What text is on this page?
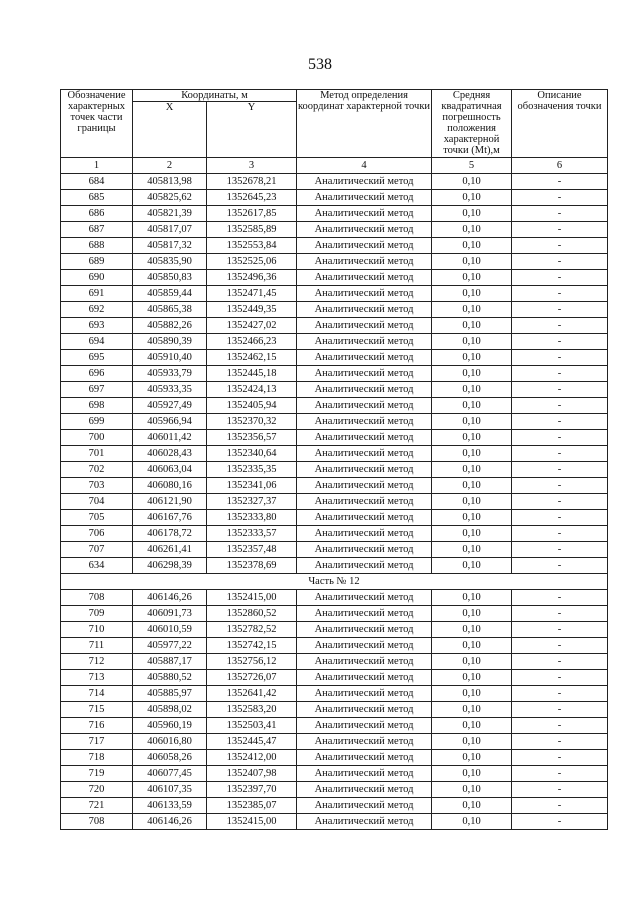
538
Обозначение характерных точек части границы	Координаты, м		Метод определения координат характерной точки	Средняя квадратичная погрешность положения характерной точки (Mt),м	Описание обозначения точки
	X	Y			
1	2	3	4	5	6
684	405813,98	1352678,21	Аналитический метод	0,10	-
685	405825,62	1352645,23	Аналитический метод	0,10	-
686	405821,39	1352617,85	Аналитический метод	0,10	-
687	405817,07	1352585,89	Аналитический метод	0,10	-
688	405817,32	1352553,84	Аналитический метод	0,10	-
689	405835,90	1352525,06	Аналитический метод	0,10	-
690	405850,83	1352496,36	Аналитический метод	0,10	-
691	405859,44	1352471,45	Аналитический метод	0,10	-
692	405865,38	1352449,35	Аналитический метод	0,10	-
693	405882,26	1352427,02	Аналитический метод	0,10	-
694	405890,39	1352466,23	Аналитический метод	0,10	-
695	405910,40	1352462,15	Аналитический метод	0,10	-
696	405933,79	1352445,18	Аналитический метод	0,10	-
697	405933,35	1352424,13	Аналитический метод	0,10	-
698	405927,49	1352405,94	Аналитический метод	0,10	-
699	405966,94	1352370,32	Аналитический метод	0,10	-
700	406011,42	1352356,57	Аналитический метод	0,10	-
701	406028,43	1352340,64	Аналитический метод	0,10	-
702	406063,04	1352335,35	Аналитический метод	0,10	-
703	406080,16	1352341,06	Аналитический метод	0,10	-
704	406121,90	1352327,37	Аналитический метод	0,10	-
705	406167,76	1352333,80	Аналитический метод	0,10	-
706	406178,72	1352333,57	Аналитический метод	0,10	-
707	406261,41	1352357,48	Аналитический метод	0,10	-
634	406298,39	1352378,69	Аналитический метод	0,10	-
Часть № 12					
708	406146,26	1352415,00	Аналитический метод	0,10	-
709	406091,73	1352860,52	Аналитический метод	0,10	-
710	406010,59	1352782,52	Аналитический метод	0,10	-
711	405977,22	1352742,15	Аналитический метод	0,10	-
712	405887,17	1352756,12	Аналитический метод	0,10	-
713	405880,52	1352726,07	Аналитический метод	0,10	-
714	405885,97	1352641,42	Аналитический метод	0,10	-
715	405898,02	1352583,20	Аналитический метод	0,10	-
716	405960,19	1352503,41	Аналитический метод	0,10	-
717	406016,80	1352445,47	Аналитический метод	0,10	-
718	406058,26	1352412,00	Аналитический метод	0,10	-
719	406077,45	1352407,98	Аналитический метод	0,10	-
720	406107,35	1352397,70	Аналитический метод	0,10	-
721	406133,59	1352385,07	Аналитический метод	0,10	-
708	406146,26	1352415,00	Аналитический метод	0,10	-
